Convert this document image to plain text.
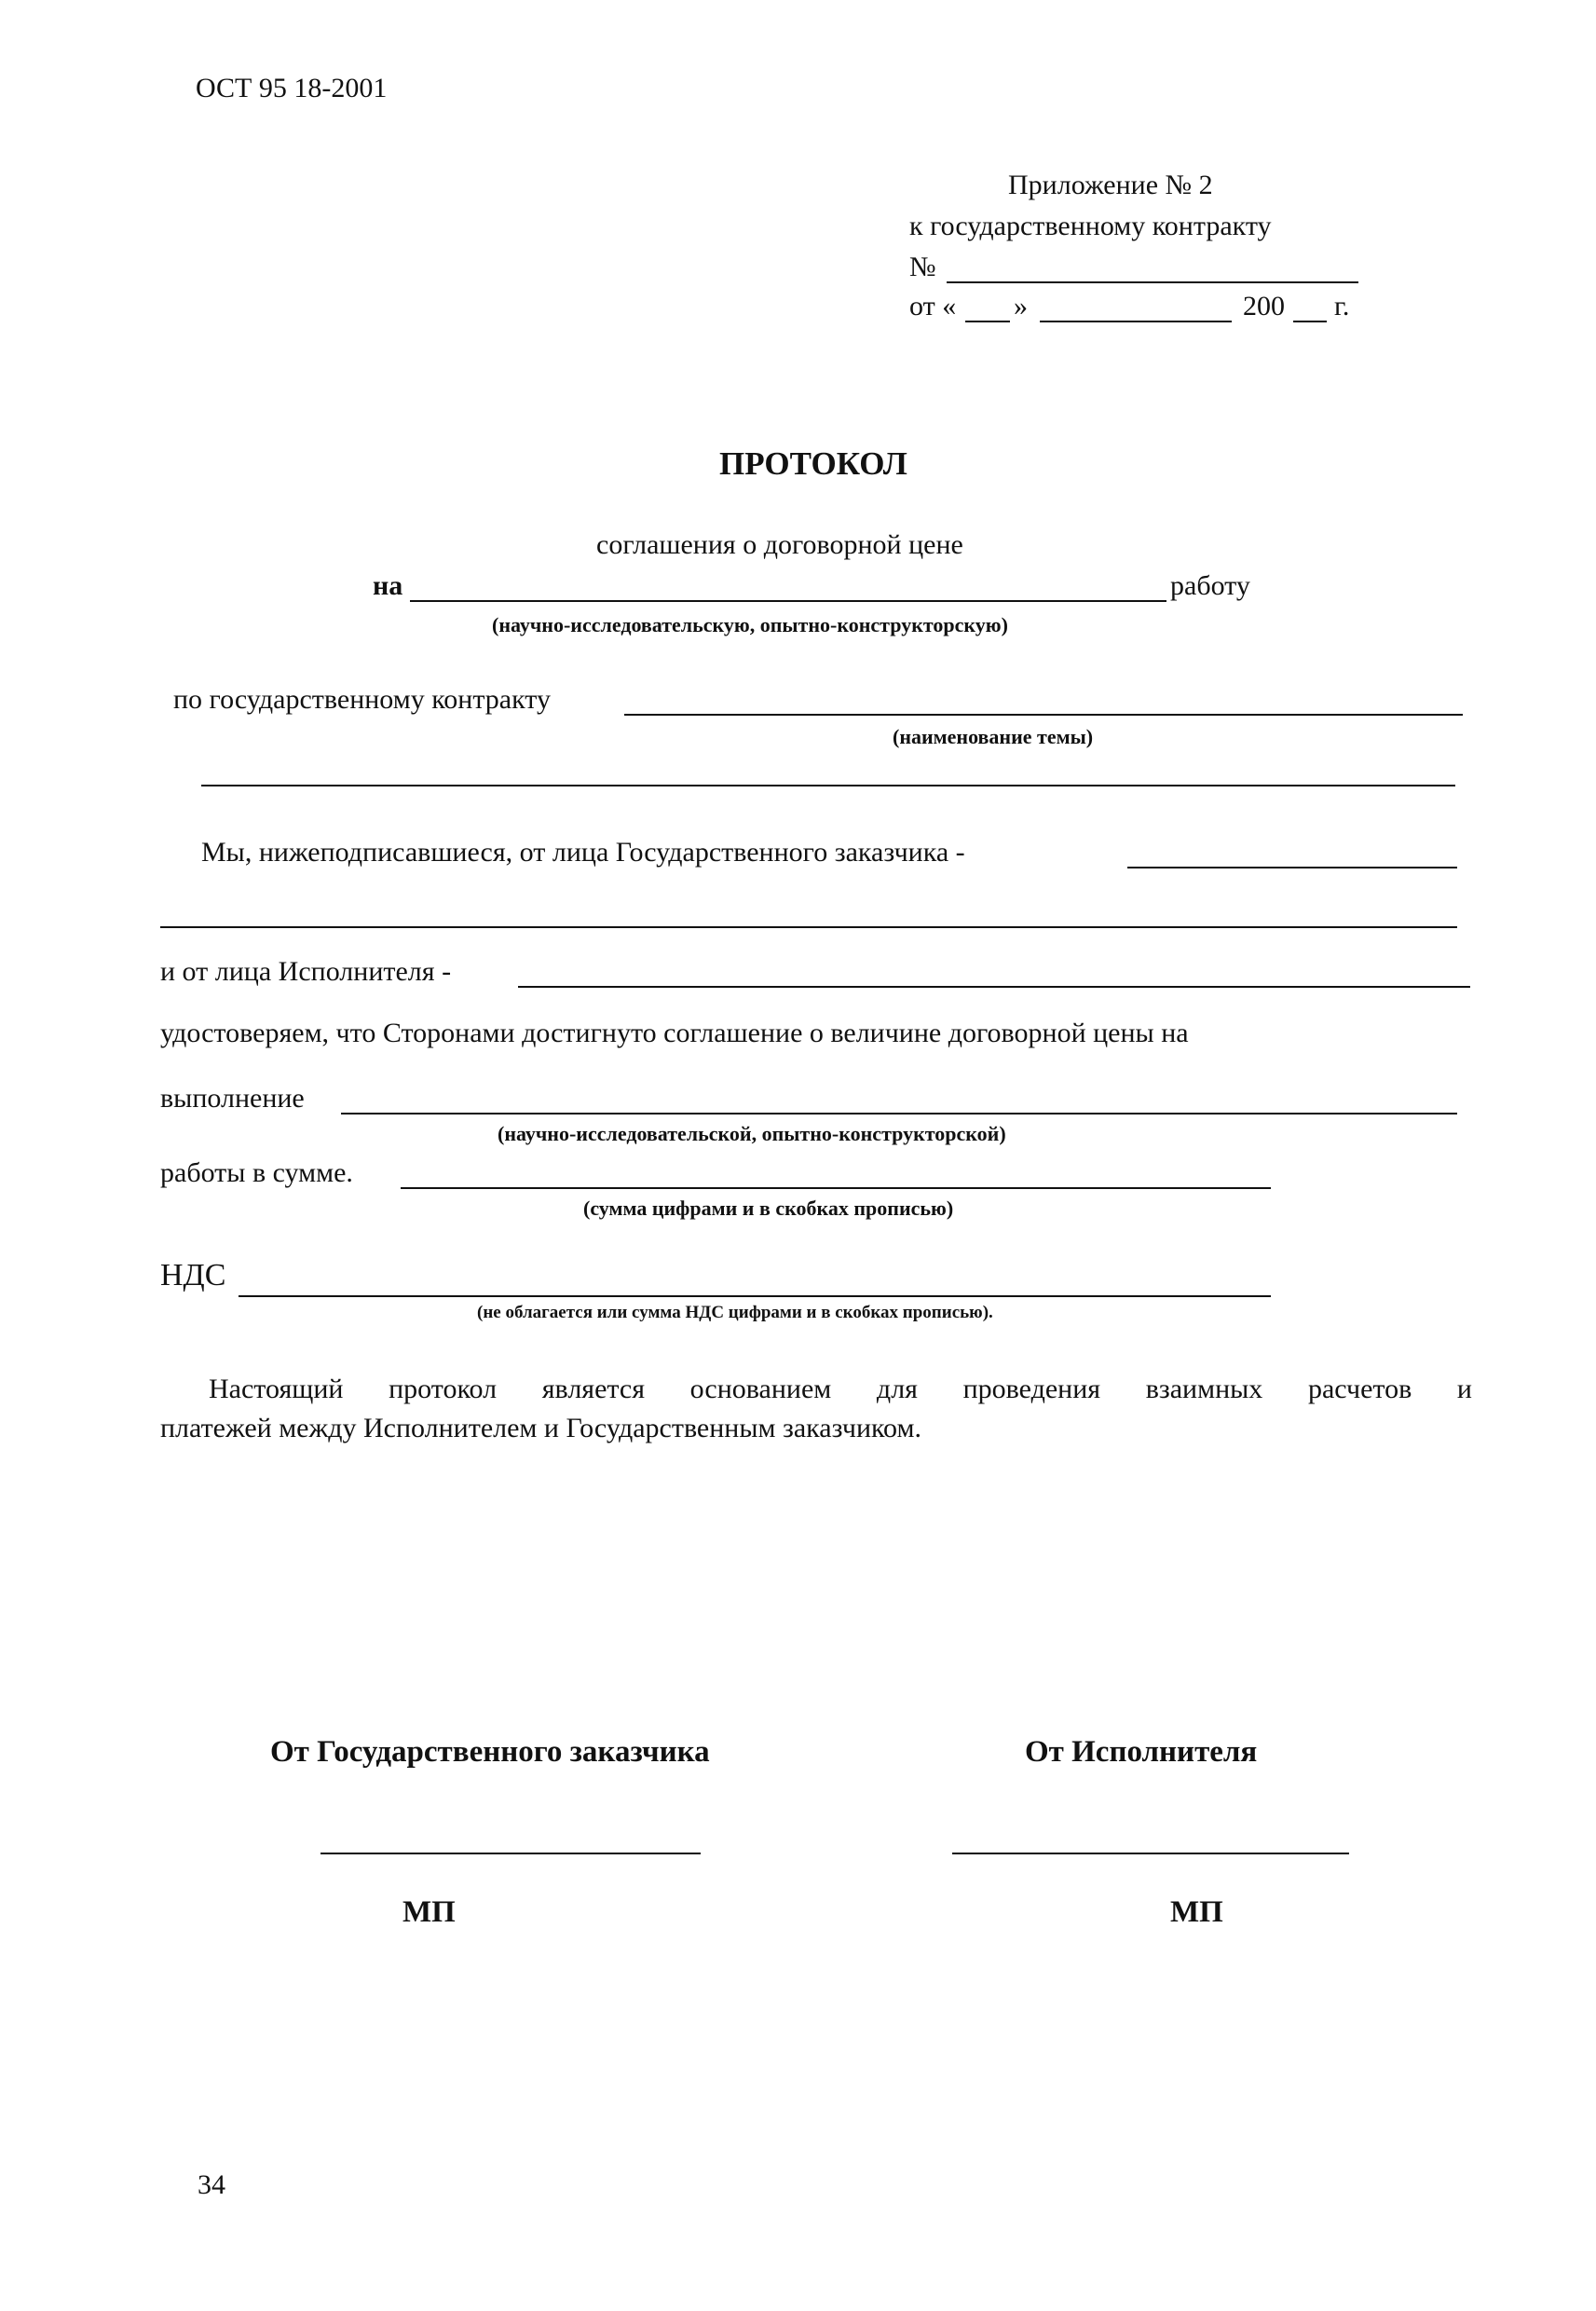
ОСТ 95 18-2001
Приложение № 2
к государственному контракту
№
от « »	200 г.
ПРОТОКОЛ
соглашения о договорной цене
на	работу
(научно-исследовательскую, опытно-конструкторскую)
по государственному контракту
(наименование темы)
Мы, нижеподписавшиеся, от лица Государственного заказчика -
и от лица Исполнителя -
удостоверяем, что Сторонами достигнуто соглашение о величине договорной цены на
выполнение
(научно-исследовательской, опытно-конструкторской)
работы в сумме.
(сумма цифрами и в скобках прописью)
НДС
(не облагается или сумма НДС цифрами и в скобках прописью).
Настоящий протокол является основанием для проведения взаимных расчетов и
платежей между Исполнителем и Государственным заказчиком.
От Государственного заказчика	От Исполнителя
МП	МП
34
